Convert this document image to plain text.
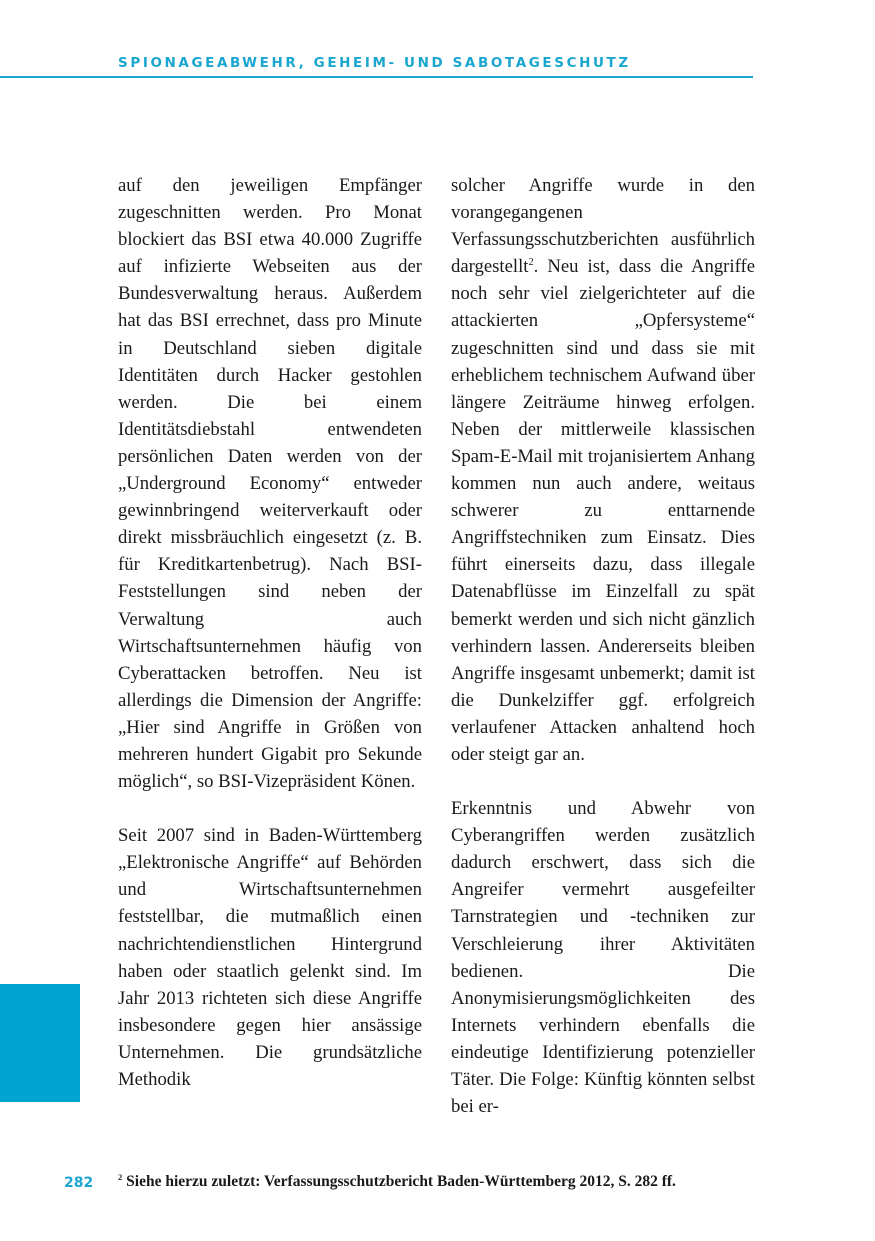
SPIONAGEABWEHR, GEHEIM- UND SABOTAGESCHUTZ

auf den jeweiligen Empfänger zugeschnitten werden. Pro Monat blockiert das BSI etwa 40.000 Zugriffe auf infizierte Webseiten aus der Bundesverwaltung heraus. Außerdem hat das BSI errechnet, dass pro Minute in Deutschland sieben digitale Identitäten durch Hacker gestohlen werden. Die bei einem Identitätsdiebstahl entwendeten persönlichen Daten werden von der „Underground Economy“ entweder gewinnbringend weiterverkauft oder direkt missbräuchlich eingesetzt (z. B. für Kreditkartenbetrug). Nach BSI-Feststellungen sind neben der Verwaltung auch Wirtschaftsunternehmen häufig von Cyberattacken betroffen. Neu ist allerdings die Dimension der Angriffe: „Hier sind Angriffe in Größen von mehreren hundert Gigabit pro Sekunde möglich“, so BSI-Vizepräsident Könen.

Seit 2007 sind in Baden-Württemberg „Elektronische Angriffe“ auf Behörden und Wirtschaftsunternehmen feststellbar, die mutmaßlich einen nachrichtendienstlichen Hintergrund haben oder staatlich gelenkt sind. Im Jahr 2013 richteten sich diese Angriffe insbesondere gegen hier ansässige Unternehmen. Die grundsätzliche Methodik

solcher Angriffe wurde in den vorangegangenen Verfassungsschutzberichten ausführlich dargestellt$^2$. Neu ist, dass die Angriffe noch sehr viel zielgerichteter auf die attackierten „Opfersysteme“ zugeschnitten sind und dass sie mit erheblichem technischem Aufwand über längere Zeiträume hinweg erfolgen. Neben der mittlerweile klassischen Spam-E-Mail mit trojanisiertem Anhang kommen nun auch andere, weitaus schwerer zu enttarnende Angriffstechniken zum Einsatz. Dies führt einerseits dazu, dass illegale Datenabflüsse im Einzelfall zu spät bemerkt werden und sich nicht gänzlich verhindern lassen. Andererseits bleiben Angriffe insgesamt unbemerkt; damit ist die Dunkelziffer ggf. erfolgreich verlaufener Attacken anhaltend hoch oder steigt gar an.

Erkenntnis und Abwehr von Cyberangriffen werden zusätzlich dadurch erschwert, dass sich die Angreifer vermehrt ausgefeilter Tarnstrategien und -techniken zur Verschleierung ihrer Aktivitäten bedienen. Die Anonymisierungsmöglichkeiten des Internets verhindern ebenfalls die eindeutige Identifizierung potenzieller Täter. Die Folge: Künftig könnten selbst bei er-

282	$^2$ Siehe hierzu zuletzt: Verfassungsschutzbericht Baden-Württemberg 2012, S. 282 ff.
